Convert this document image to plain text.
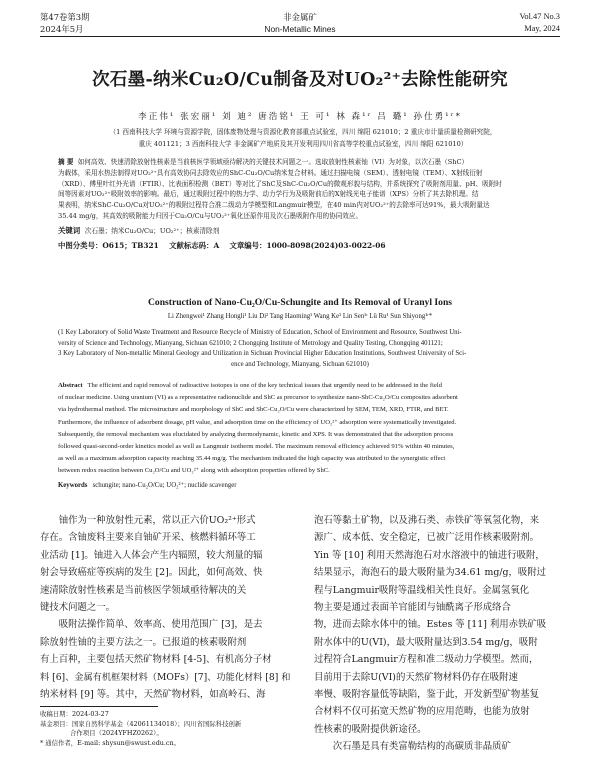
第47卷第3期
2024年5月
非金属矿
Non-Metallic Mines
Vol.47 No.3
May, 2024
次石墨-纳米Cu₂O/Cu制备及对UO₂²⁺去除性能研究
李正伟¹ 张宏丽¹ 刘 迪² 唐浩铭¹ 王 可¹ 林 森¹ʳ 吕 璐¹ 孙仕勇¹ʳ*
（1 西南科技大学 环境与资源学院，固体废物处理与资源化教育部重点试验室，四川 绵阳 621010；2 重庆市计量质量检测研究院，
重庆 401121；3 西南科技大学 非金属矿产地质及其开发利用四川省高等学校重点试验室，四川 绵阳 621010）
摘 要 如何高效、快速清除放射性核素是当前核医学领域亟待解决的关键技术问题之一。选取放射性核素铀（VI）为对象，以次石墨（ShC）
为载体，采用水热法制得对UO₂²⁺具有高效协同去除效应的ShC-Cu₂O/Cu纳米复合材料。通过扫描电镜（SEM）、透射电镜（TEM）、X射线衍射
（XRD）、傅里叶红外光谱（FTIR）、比表面积检测（BET）等对比了ShC及ShC-Cu₂O/Cu的微观形貌与结构，并系统探究了吸附剂用量、pH、吸附时
间等因素对UO₂²⁺吸附效率的影响。最后，通过吸附过程中的热力学、动力学行为及吸附前后的X射线光电子能谱（XPS）分析了其去除机理。结
果表明，纳米ShC-Cu₂O/Cu对UO₂²⁺的吸附过程符合准二级动力学模型和Langmuir模型，在40 min内对UO₂²⁺的去除率可达91%，最大吸附量达
35.44 mg/g，其高效的吸附能力归因于Cu₂O/Cu与UO₂²⁺氧化还原作用及次石墨吸附作用的协同效应。
关键词 次石墨；纳米Cu₂O/Cu；UO₂²⁺；核素清除剂
中图分类号：O615；TB321 文献标志码：A 文章编号：1000-8098(2024)03-0022-06
Construction of Nano-Cu₂O/Cu-Schungite and Its Removal of Uranyl Ions
Li Zhengwei¹ Zhang Hongli¹ Liu Di² Tang Haoming¹ Wang Ke¹ Lin Sen¹ʳ Lü Ru¹ Sun Shiyong¹ʳ*
(1 Key Laboratory of Solid Waste Treatment and Resource Recycle of Ministry of Education, School of Environment and Resource, Southwest Uni-
versity of Science and Technology, Mianyang, Sichuan 621010; 2 Chongqing Institute of Metrology and Quality Testing, Chongqing 401121;
3 Key Laboratory of Non-metallic Mineral Geology and Utilization in Sichuan Provincial Higher Education Institutions, Southwest University of Sci-
ence and Technology, Mianyang, Sichuan 621010)
Abstract The efficient and rapid removal of radioactive isotopes is one of the key technical issues that urgently need to be addressed in the field
of nuclear medicine. Using uranium (VI) as a representative radionuclide and ShC as precursor to synthesize nano-ShC-Cu₂O/Cu composites adsorbent
via hydrothermal method. The microstructure and morphology of ShC and ShC-Cu₂O/Cu were characterized by SEM, TEM, XRD, FTIR, and BET.
Furthermore, the influence of adsorbent dosage, pH value, and adsorption time on the efficiency of UO₂²⁺ adsorption were systematically investigated.
Subsequently, the removal mechanism was elucidated by analyzing thermodynamic, kinetic and XPS. It was demonstrated that the adsorption process
followed quasi-second-order kinetics model as well as Langmuir isotherm model. The maximum removal efficiency achieved 91% within 40 minutes,
as well as a maximum adsorption capacity reaching 35.44 mg/g. The mechanism indicated the high capacity was attributed to the synergistic effect
between redox reaction between Cu₂O/Cu and UO₂²⁺ along with adsorption properties offered by ShC.
Keywords schungite; nano-Cu₂O/Cu; UO₂²⁺; nuclide scavenger
　　铀作为一种放射性元素，常以正六价UO₂²⁺形式
存在。含铀废料主要来自铀矿开采、核燃料循环等工
业活动 [1]。铀进入人体会产生内辐照，较大剂量的辐
射会导致癌症等疾病的发生 [2]。因此，如何高效、快
速清除放射性核素是当前核医学领域亟待解决的关
键技术问题之一。
　　吸附法操作简单、效率高、使用范围广 [3]，是去
除放射性铀的主要方法之一。已报道的核素吸附剂
有上百种，主要包括天然矿物材料 [4-5]、有机高分子材
料 [6]、金属有机框架材料（MOFs）[7]、功能化材料 [8] 和
纳米材料 [9] 等。其中，天然矿物材料，如高岭石、海
收稿日期：2024-03-27
基金项目：国家自然科学基金（42061134018）；四川省国际科技创新
合作项目（2024YFHZ0262）。
* 通信作者，E-mail: shysun@swust.edu.cn。
泡石等黏土矿物，以及沸石类、赤铁矿等氧氢化物，来
源广、成本低、安全稳定，已被广泛用作核素吸附剂。
Yin 等 [10] 利用天然海泡石对水溶液中的铀进行吸附，
结果显示，海泡石的最大吸附量为34.61 mg/g，吸附过
程与Langmuir吸附等温线相关性良好。金属氢氧化
物主要是通过表面羊官能团与铀酰离子形成络合
物，进而去除水体中的铀。Estes 等 [11] 利用赤铁矿吸
附水体中的U(VI)，最大吸附量达到3.54 mg/g，吸附
过程符合Langmuir方程和准二级动力学模型。然而，
目前用于去除U(VI)的天然矿物材料仍存在吸附速
率慢、吸附容量低等缺陷，鉴于此，开发新型矿物基复
合材料不仅可拓宽天然矿物的应用范畴，也能为放射
性核素的吸附提供新途径。
　　次石墨是具有类富勒结构的高碳质非晶质矿
